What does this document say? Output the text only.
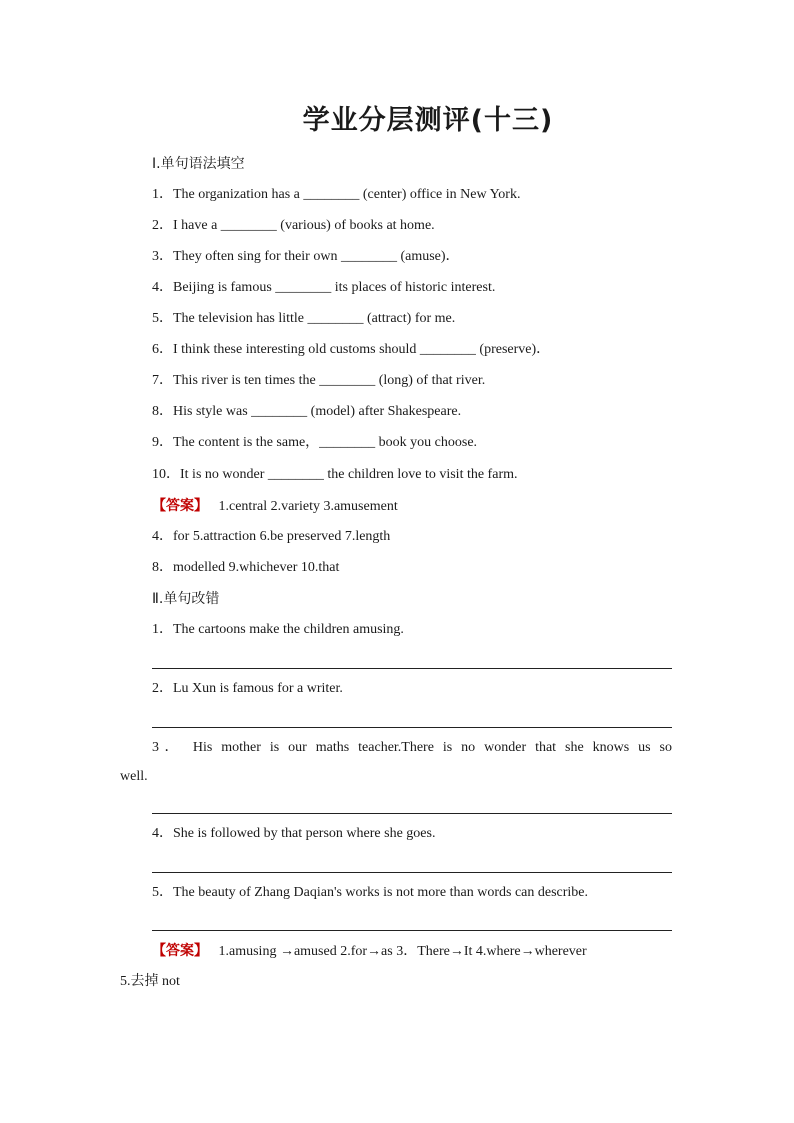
学业分层测评(十三)
Ⅰ.单句语法填空
1．The organization has a ________ (center) office in New York.
2．I have a ________ (various) of books at home.
3．They often sing for their own ________ (amuse)．
4．Beijing is famous ________ its places of historic interest.
5．The television has little ________ (attract) for me.
6．I think these interesting old customs should ________ (preserve)．
7．This river is ten times the ________ (long) of that river.
8．His style was ________ (model) after Shakespeare.
9．The content is the same，________ book you choose.
10．It is no wonder ________ the children love to visit the farm.
【答案】 1.central 2.variety 3.amusement
4．for 5.attraction 6.be preserved 7.length
8．modelled 9.whichever 10.that
Ⅱ.单句改错
1．The cartoons make the children amusing.
2．Lu Xun is famous for a writer.
3． His mother is our maths teacher.There is no wonder that she knows us so
well.
4．She is followed by that person where she goes.
5．The beauty of Zhang Daqian's works is not more than words can describe.
【答案】 1.amusing →amused 2.for→as 3．There→It 4.where→wherever
5.去掉 not
